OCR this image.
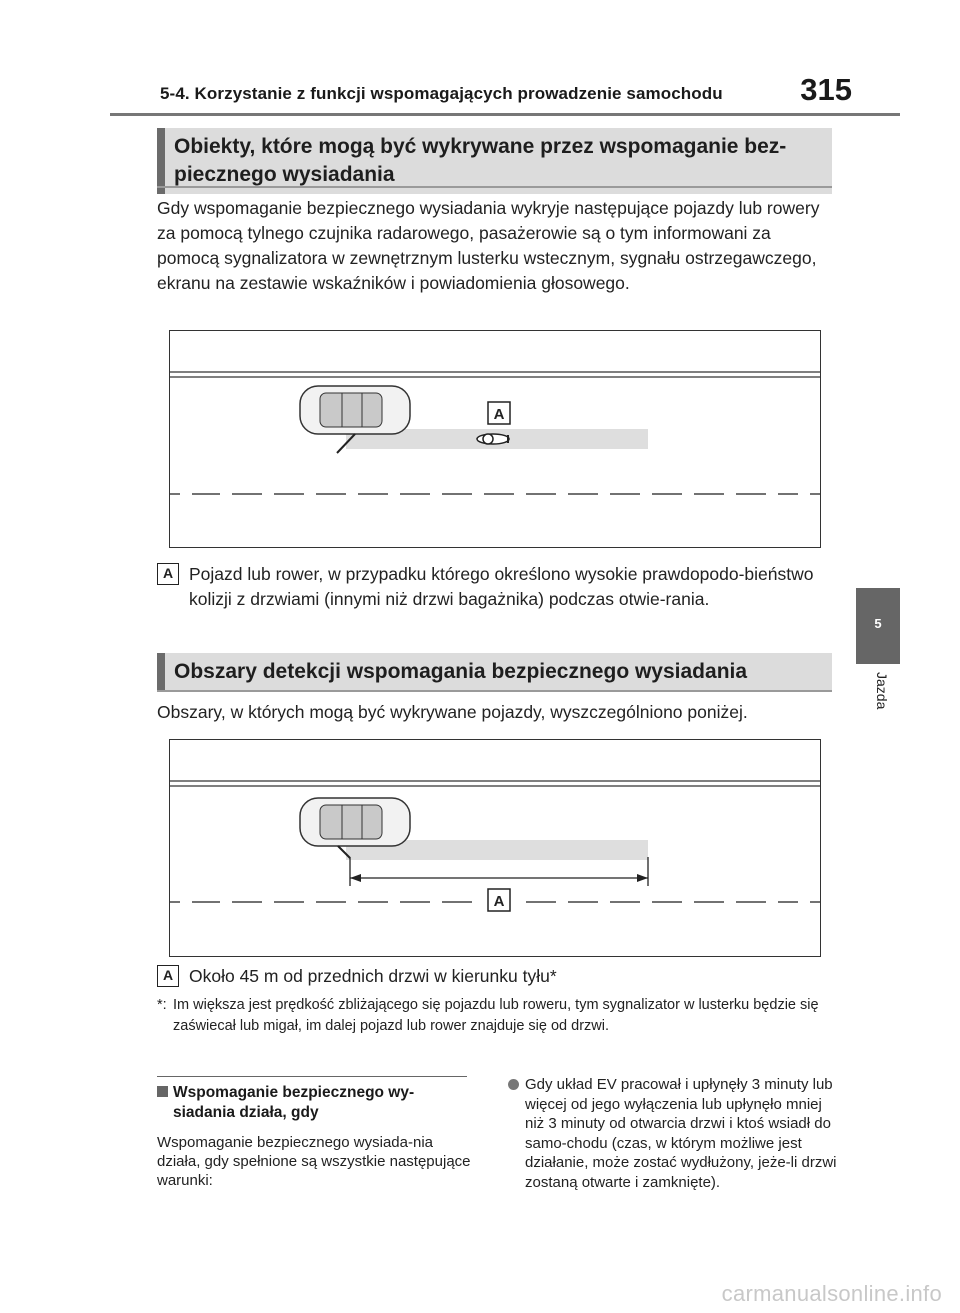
5-4. Korzystanie z funkcji wspomagających prowadzenie samochodu	315
5
Jazda
Obiekty, które mogą być wykrywane przez wspomaganie bez-
piecznego wysiadania
Gdy wspomaganie bezpiecznego wysiadania wykryje następujące pojazdy lub rowery za pomocą tylnego czujnika radarowego, pasażerowie są o tym informowani za pomocą sygnalizatora w zewnętrznym lusterku wstecznym, sygnału ostrzegawczego, ekranu na zestawie wskaźników i powiadomienia głosowego.
A
A Pojazd lub rower, w przypadku którego określono wysokie prawdopodo-bieństwo kolizji z drzwiami (innymi niż drzwi bagażnika) podczas otwie-rania.
Obszary detekcji wspomagania bezpiecznego wysiadania
Obszary, w których mogą być wykrywane pojazdy, wyszczególniono poniżej.
A
A Około 45 m od przednich drzwi w kierunku tyłu*
*: Im większa jest prędkość zbliżającego się pojazdu lub roweru, tym sygnalizator w lusterku będzie się zaświecał lub migał, im dalej pojazd lub rower znajduje się od drzwi.
Wspomaganie bezpiecznego wy-siadania działa, gdy
Wspomaganie bezpiecznego wysiada-nia działa, gdy spełnione są wszystkie następujące warunki:
Gdy układ EV pracował i upłynęły 3 minuty lub więcej od jego wyłączenia lub upłynęło mniej niż 3 minuty od otwarcia drzwi i ktoś wsiadł do samo-chodu (czas, w którym możliwe jest działanie, może zostać wydłużony, jeże-li drzwi zostaną otwarte i zamknięte).
carmanualsonline.info
